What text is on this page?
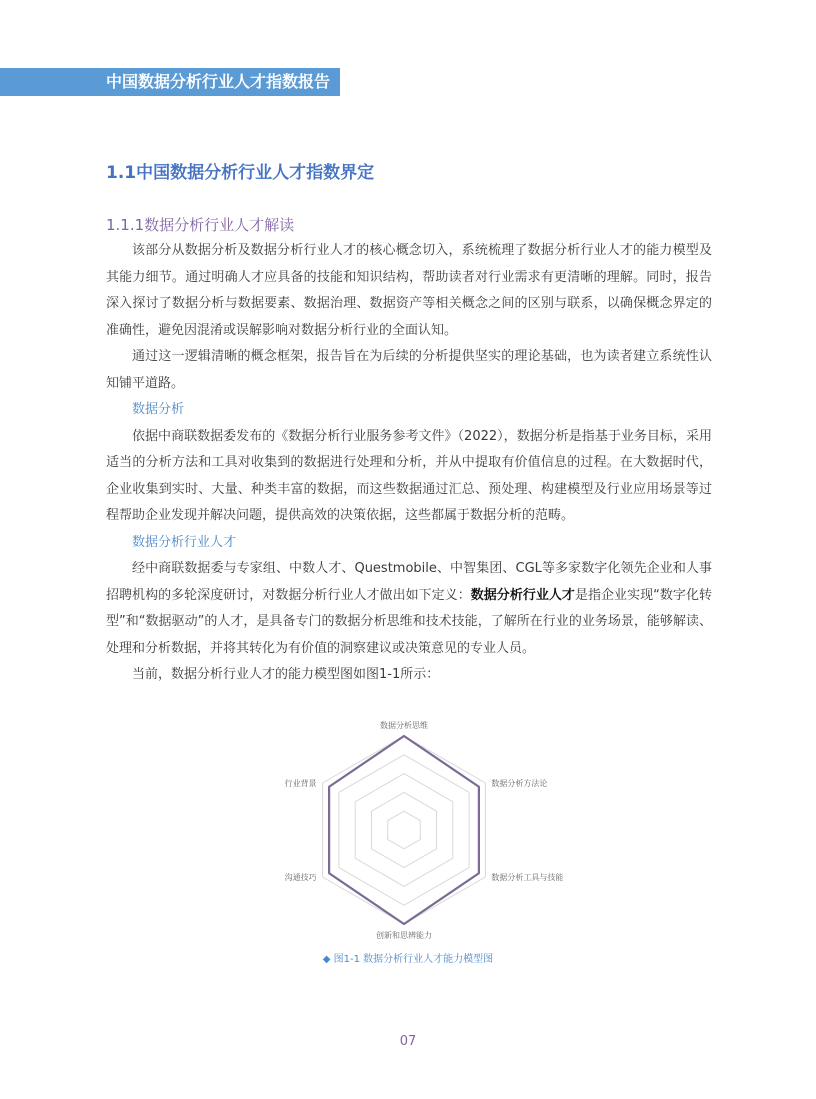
中国数据分析行业人才指数报告
1.1中国数据分析行业人才指数界定
1.1.1数据分析行业人才解读

该部分从数据分析及数据分析行业人才的核心概念切入，系统梳理了数据分析行业人才的能力模型及其能力细节。通过明确人才应具备的技能和知识结构，帮助读者对行业需求有更清晰的理解。同时，报告深入探讨了数据分析与数据要素、数据治理、数据资产等相关概念之间的区别与联系，以确保概念界定的准确性，避免因混淆或误解影响对数据分析行业的全面认知。

通过这一逻辑清晰的概念框架，报告旨在为后续的分析提供坚实的理论基础，也为读者建立系统性认知铺平道路。

数据分析

依据中商联数据委发布的《数据分析行业服务参考文件》（2022），数据分析是指基于业务目标，采用适当的分析方法和工具对收集到的数据进行处理和分析，并从中提取有价值信息的过程。在大数据时代，企业收集到实时、大量、种类丰富的数据，而这些数据通过汇总、预处理、构建模型及行业应用场景等过程帮助企业发现并解决问题，提供高效的决策依据，这些都属于数据分析的范畴。

数据分析行业人才

经中商联数据委与专家组、中数人才、Questmobile、中智集团、CGL等多家数字化领先企业和人事招聘机构的多轮深度研讨，对数据分析行业人才做出如下定义：数据分析行业人才是指企业实现“数字化转型”和“数据驱动”的人才，是具备专门的数据分析思维和技术技能，了解所在行业的业务场景，能够解读、处理和分析数据，并将其转化为有价值的洞察建议或决策意见的专业人员。

当前，数据分析行业人才的能力模型图如图1-1所示：

数据分析思维
数据分析方法论
数据分析工具与技能
创新和思辨能力
沟通技巧
行业背景
◆ 图1-1 数据分析行业人才能力模型图
07
